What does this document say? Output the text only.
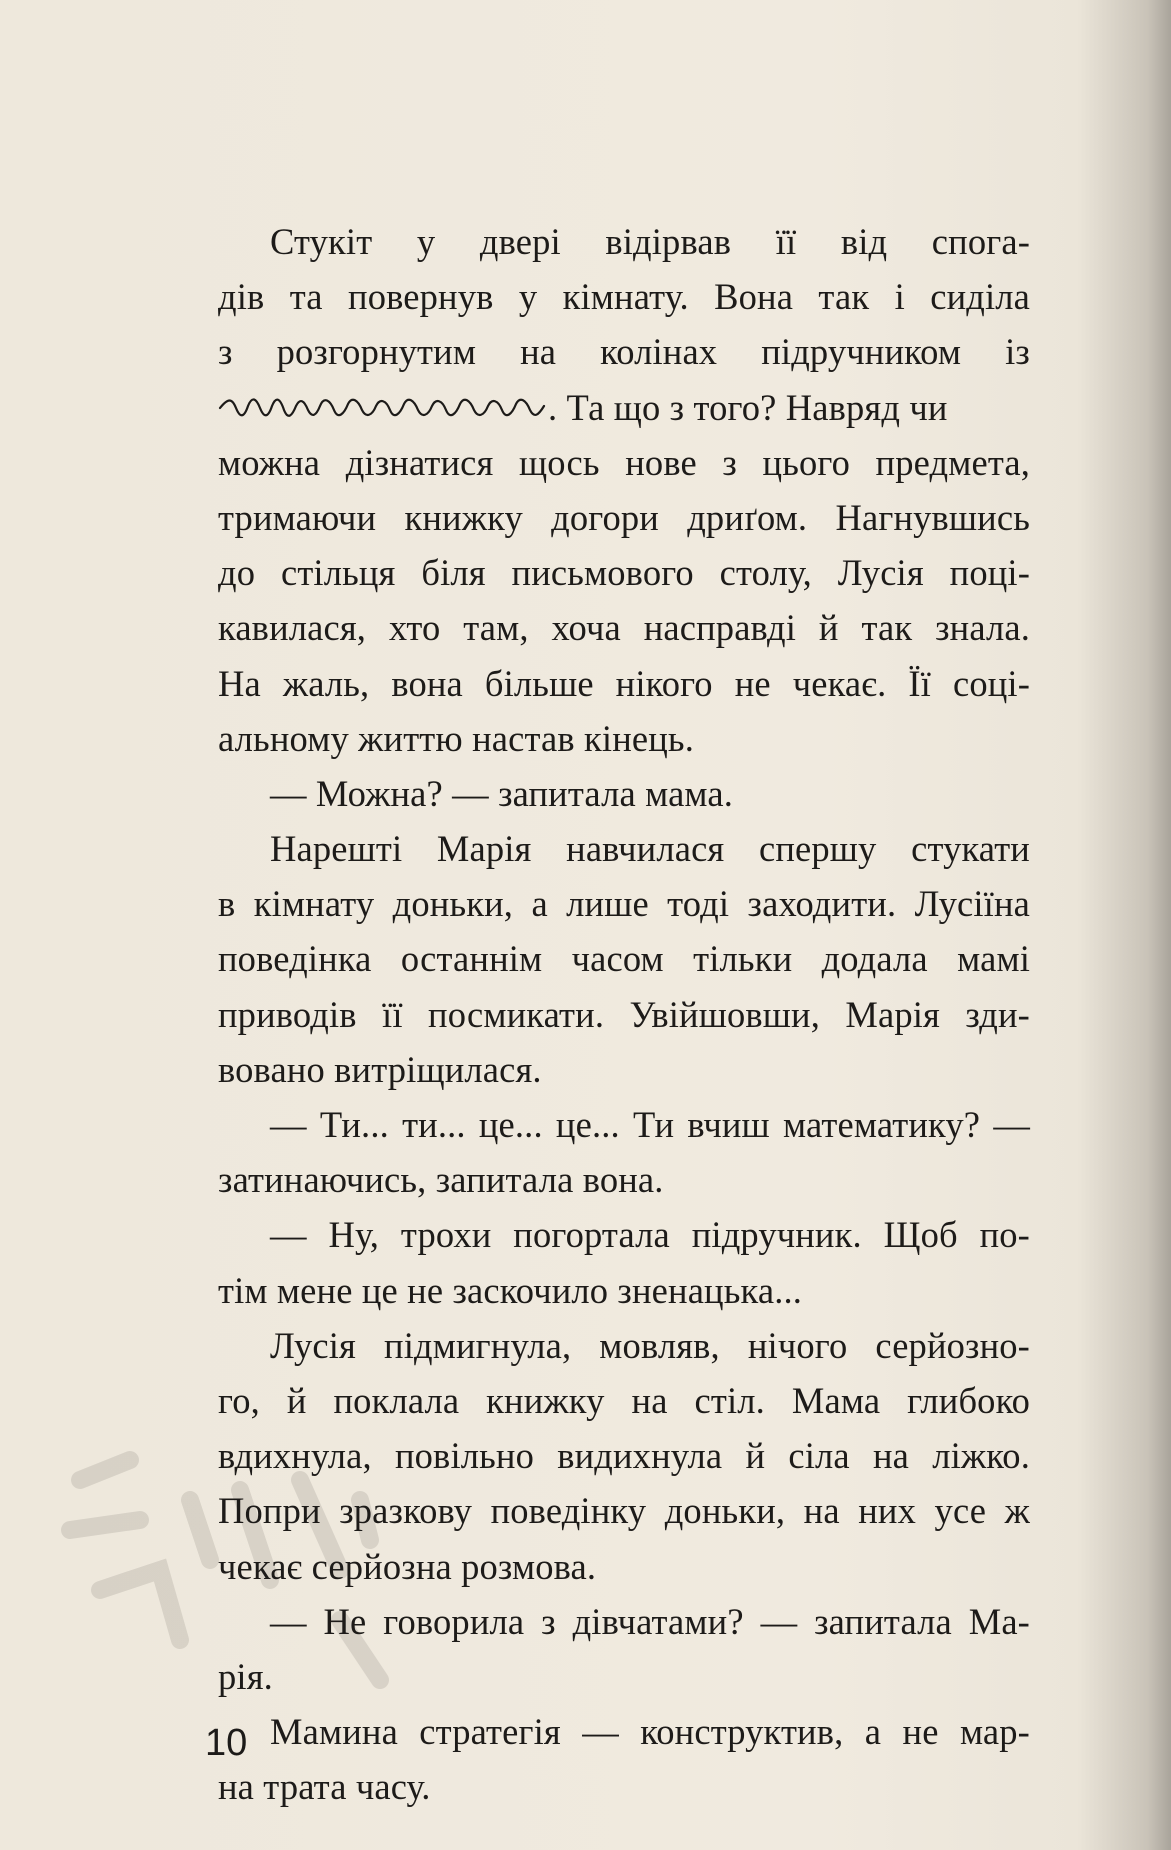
Стукіт у двері відірвав її від спога-
дів та повернув у кімнату. Вона так і сиділа
з розгорнутим на колінах підручником із
. Та що з того? Навряд чи
можна дізнатися щось нове з цього предмета,
тримаючи книжку догори дриґом. Нагнувшись
до стільця біля письмового столу, Лусія поці-
кавилася, хто там, хоча насправді й так знала.
На жаль, вона більше нікого не чекає. Її соці-
альному життю настав кінець.
— Можна? — запитала мама.
Нарешті Марія навчилася спершу стукати
в кімнату доньки, а лише тоді заходити. Лусіїна
поведінка останнім часом тільки додала мамі
приводів її посмикати. Увійшовши, Марія зди-
вовано витріщилася.
— Ти... ти... це... це... Ти вчиш математику? —
затинаючись, запитала вона.
— Ну, трохи погортала підручник. Щоб по-
тім мене це не заскочило зненацька...
Лусія підмигнула, мовляв, нічого серйозно-
го, й поклала книжку на стіл. Мама глибоко
вдихнула, повільно видихнула й сіла на ліжко.
Попри зразкову поведінку доньки, на них усе ж
чекає серйозна розмова.
— Не говорила з дівчатами? — запитала Ма-
рія.
Мамина стратегія — конструктив, а не мар-
на трата часу.
10
